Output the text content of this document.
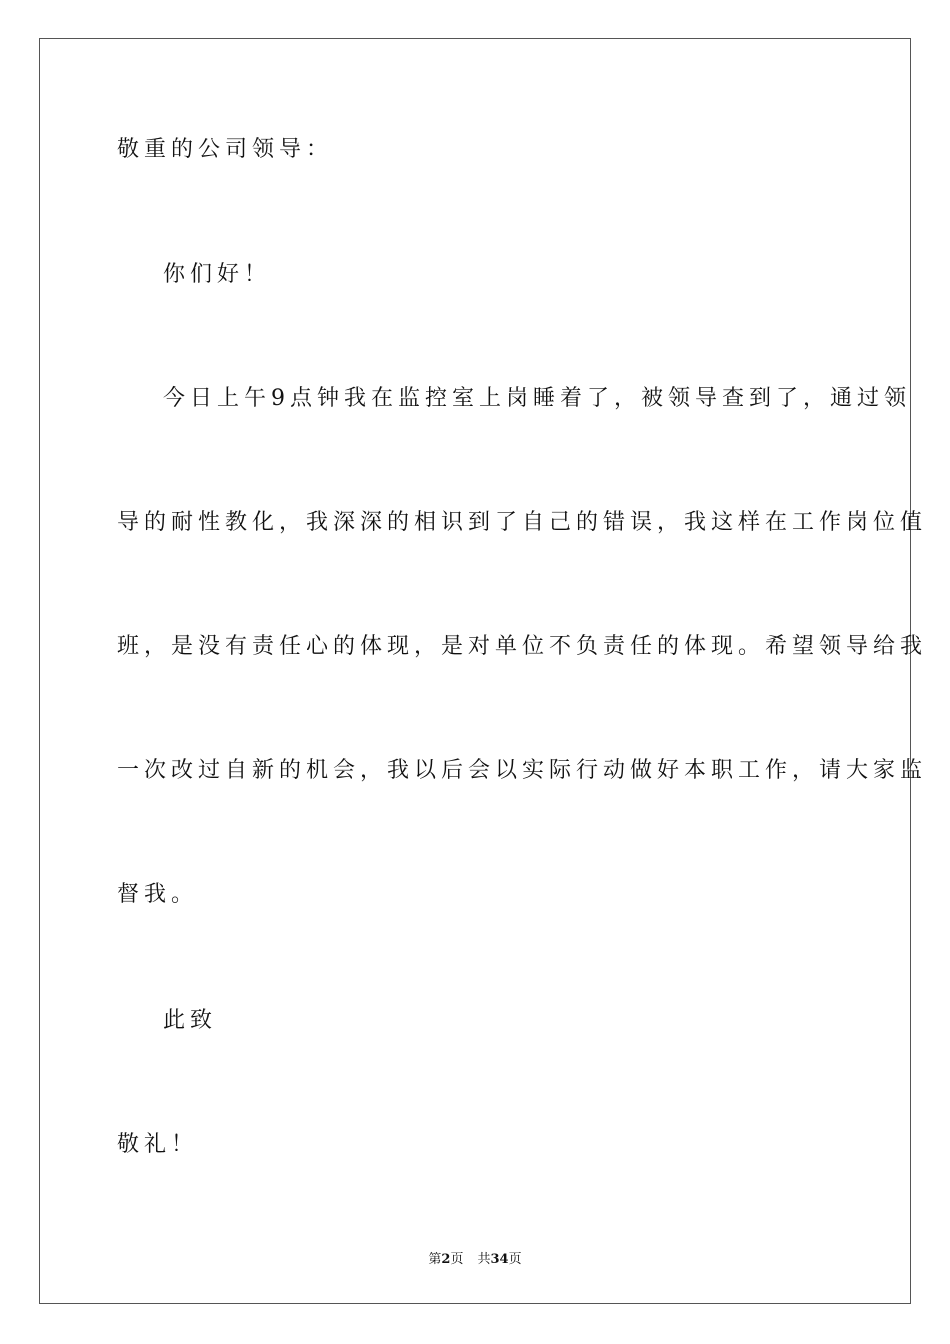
敬重的公司领导：
你们好！
今日上午9点钟我在监控室上岗睡着了，被领导查到了，通过领
导的耐性教化，我深深的相识到了自己的错误，我这样在工作岗位值
班，是没有责任心的体现，是对单位不负责任的体现。希望领导给我
一次改过自新的机会，我以后会以实际行动做好本职工作，请大家监
督我。
此致
敬礼！
第2页 共34页
